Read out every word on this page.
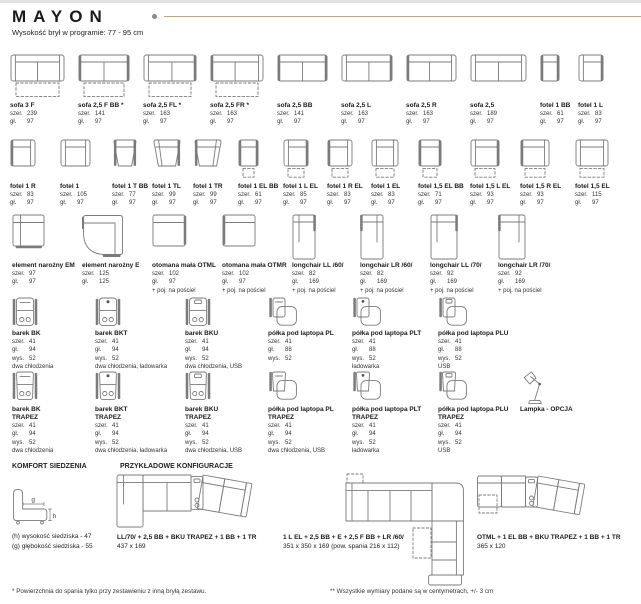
MAYON
Wysokość brył w programie: 77 - 95 cm
sofa 3 F
szer. 239
gł. 97
sofa 2,5 F BB *
szer. 141
gł. 97
sofa 2,5 FL *
szer. 163
gł. 97
sofa 2,5 FR *
szer. 163
gł. 97
sofa 2,5 BB
szer. 141
gł. 97
sofa 2,5 L
szer. 163
gł. 97
sofa 2,5 R
szer. 163
gł. 97
sofa 2,5
szer. 189
gł. 97
fotel 1 BB
szer. 61
gł. 97
fotel 1 L
szer. 83
gł. 97
fotel 1 R
szer. 83
gł. 97
fotel 1
szer. 105
gł. 97
fotel 1 T BB
szer. 77
gł. 97
fotel 1 TL
szer. 99
gł. 97
fotel 1 TR
szer. 99
gł. 97
fotel 1 EL BB
szer. 61
gł. 97
fotel 1 L EL
szer. 85
gł. 97
fotel 1 R EL
szer. 83
gł. 97
fotel 1 EL
szer. 83
gł. 97
fotel 1,5 EL BB
szer. 71
gł. 97
fotel 1,5 L EL
szer. 93
gł. 97
fotel 1,5 R EL
szer. 93
gł. 97
fotel 1,5 EL
szer. 115
gł. 97
element narożny EM
szer. 97
gł. 97
element narożny E
szer. 125
gł. 125
otomana mała OTML
szer. 102
gł. 97
+ poj. na pościel
otomana mała OTMR
szer. 102
gł. 97
+ poj. na pościel
longchair LL /60/
szer. 82
gł. 169
+ poj. na pościel
longchair LR /60/
szer. 82
gł. 169
+ poj. na pościel
longchair LL /70/
szer. 92
gł. 169
+ poj. na pościel
longchair LR /70/
szer. 92
gł. 169
+ poj. na pościel
barek BK
szer. 41
gł. 94
wys. 52
dwa chłodzenia
barek BKT
szer. 41
gł. 94
wys. 52
dwa chłodzenia, ładowarka
barek BKU
szer. 41
gł. 94
wys. 52
dwa chłodzenia, USB
półka pod laptopa PL
szer. 41
gł. 88
wys. 52
półka pod laptopa PLT
szer. 41
gł. 88
wys. 52
ładowarka
półka pod laptopa PLU
szer. 41
gł. 88
wys. 52
USB
barek BK
TRAPEZ
szer. 41
gł. 94
wys. 52
dwa chłodzenia
barek BKT
TRAPEZ
szer. 41
gł. 94
wys. 52
dwa chłodzenia, ładowarka
barek BKU
TRAPEZ
szer. 41
gł. 94
wys. 52
dwa chłodzenia, USB
półka pod laptopa PL
TRAPEZ
szer. 41
gł. 94
wys. 52
dwa chłodzenia, USB
półka pod laptopa PLT
TRAPEZ
szer. 41
gł. 94
wys. 52
ładowarka
półka pod laptopa PLU
TRAPEZ
szer. 41
gł. 94
wys. 52
USB
Lampka - OPCJA
KOMFORT SIEDZENIA	PRZYKŁADOWE KONFIGURACJE
g
h
(h) wysokość siedziska - 47
(g) głębokość siedziska - 55
LL/70/ + 2,5 BB + BKU TRAPEZ + 1 BB + 1 TR
437 x 169
1 L EL + 2,5 BB + E + 2,5 F BB + LR /60/
351 x 350 x 169 (pow. spania 216 x 112)
OTML + 1 EL BB + BKU TRAPEZ + 1 BB + 1 TR
365 x 120
* Powierzchnia do spania tylko przy zestawieniu z inną bryłą zestawu.	** Wszystkie wymiary podane są w centymetrach, +/- 3 cm
